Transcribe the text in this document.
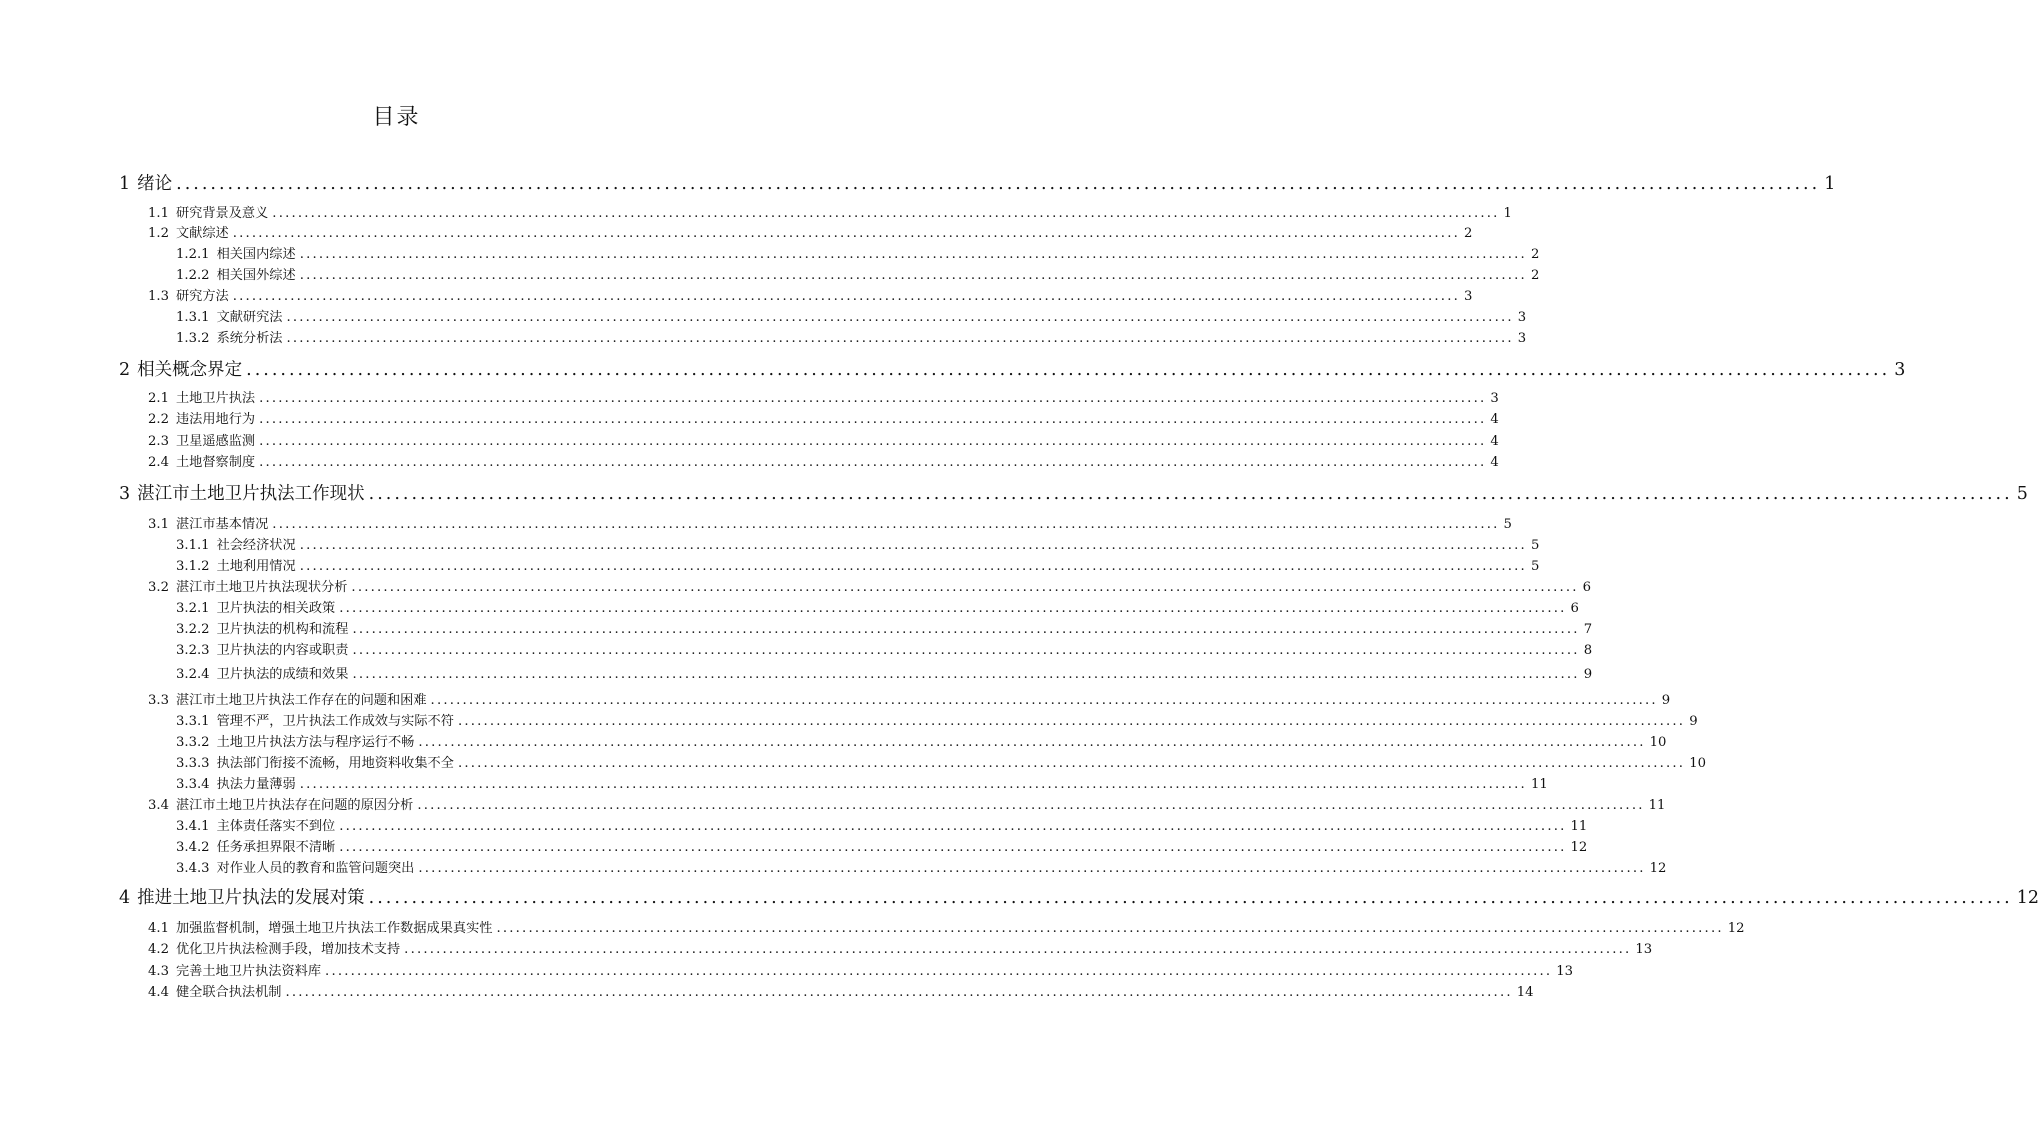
目录
1 绪论 ................................................................................................................................................................................................ 1
1.1 研究背景及意义 ................................................................................................................................................................................................ 1
1.2 文献综述 ................................................................................................................................................................................................ 2
1.2.1 相关国内综述 ................................................................................................................................................................................................ 2
1.2.2 相关国外综述 ................................................................................................................................................................................................ 2
1.3 研究方法 ................................................................................................................................................................................................ 3
1.3.1 文献研究法 ................................................................................................................................................................................................ 3
1.3.2 系统分析法 ................................................................................................................................................................................................ 3
2 相关概念界定 ................................................................................................................................................................................................ 3
2.1 土地卫片执法 ................................................................................................................................................................................................ 3
2.2 违法用地行为 ................................................................................................................................................................................................ 4
2.3 卫星遥感监测 ................................................................................................................................................................................................ 4
2.4 土地督察制度 ................................................................................................................................................................................................ 4
3 湛江市土地卫片执法工作现状 ................................................................................................................................................................................................ 5
3.1 湛江市基本情况 ................................................................................................................................................................................................ 5
3.1.1 社会经济状况 ................................................................................................................................................................................................ 5
3.1.2 土地利用情况 ................................................................................................................................................................................................ 5
3.2 湛江市土地卫片执法现状分析 ................................................................................................................................................................................................ 6
3.2.1 卫片执法的相关政策 ................................................................................................................................................................................................ 6
3.2.2 卫片执法的机构和流程 ................................................................................................................................................................................................ 7
3.2.3 卫片执法的内容或职责 ................................................................................................................................................................................................ 8
3.2.4 卫片执法的成绩和效果 ................................................................................................................................................................................................ 9
3.3 湛江市土地卫片执法工作存在的问题和困难 ................................................................................................................................................................................................ 9
3.3.1 管理不严，卫片执法工作成效与实际不符 ................................................................................................................................................................................................ 9
3.3.2 土地卫片执法方法与程序运行不畅 ................................................................................................................................................................................................ 10
3.3.3 执法部门衔接不流畅，用地资料收集不全 ................................................................................................................................................................................................ 10
3.3.4 执法力量薄弱 ................................................................................................................................................................................................ 11
3.4 湛江市土地卫片执法存在问题的原因分析 ................................................................................................................................................................................................ 11
3.4.1 主体责任落实不到位 ................................................................................................................................................................................................ 11
3.4.2 任务承担界限不清晰 ................................................................................................................................................................................................ 12
3.4.3 对作业人员的教育和监管问题突出 ................................................................................................................................................................................................ 12
4 推进土地卫片执法的发展对策 ................................................................................................................................................................................................ 12
4.1 加强监督机制，增强土地卫片执法工作数据成果真实性 ................................................................................................................................................................................................ 12
4.2 优化卫片执法检测手段，增加技术支持 ................................................................................................................................................................................................ 13
4.3 完善土地卫片执法资料库 ................................................................................................................................................................................................ 13
4.4 健全联合执法机制 ................................................................................................................................................................................................ 14
